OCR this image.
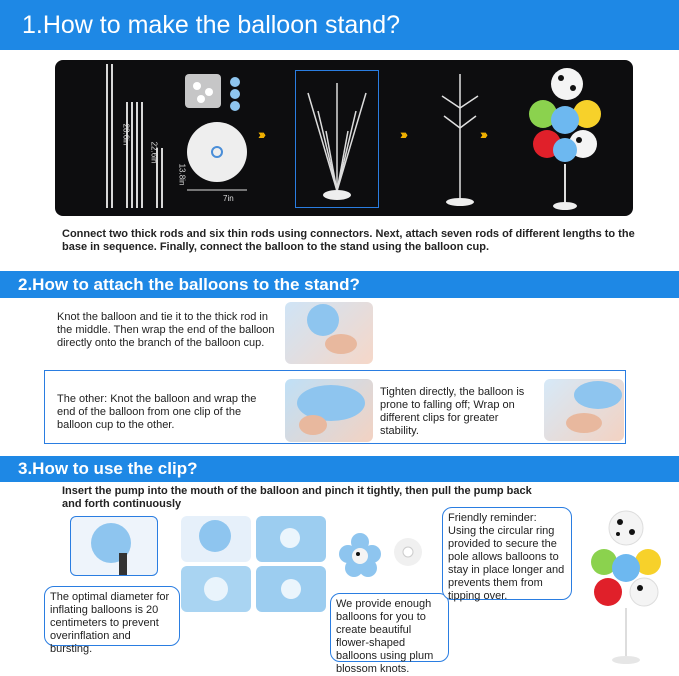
1.How to make the balloon stand?
28.6in
22.6in
13.8in
7in
›››	›››	›››
Connect two thick rods and six thin rods using connectors. Next, attach seven rods of different lengths to the base in sequence. Finally, connect the balloon to the stand using the balloon cup.
2.How to attach the balloons to the stand?
Knot the balloon and tie it to the thick rod in the middle. Then wrap the end of the balloon directly onto the branch of the balloon cup.
The other: Knot the balloon and wrap the end of the balloon from one clip of the balloon cup to the other.
Tighten directly, the balloon is prone to falling off; Wrap on different clips for greater stability.
3.How to use the clip?
Insert the pump into the mouth of the balloon and pinch it tightly, then pull the pump back and forth continuously
The optimal diameter for inflating balloons is 20 centimeters to prevent overinflation and bursting.
We provide enough balloons for you to create beautiful flower-shaped balloons using plum blossom knots.
Friendly reminder: Using the circular ring provided to secure the pole allows balloons to stay in place longer and prevents them from tipping over.
